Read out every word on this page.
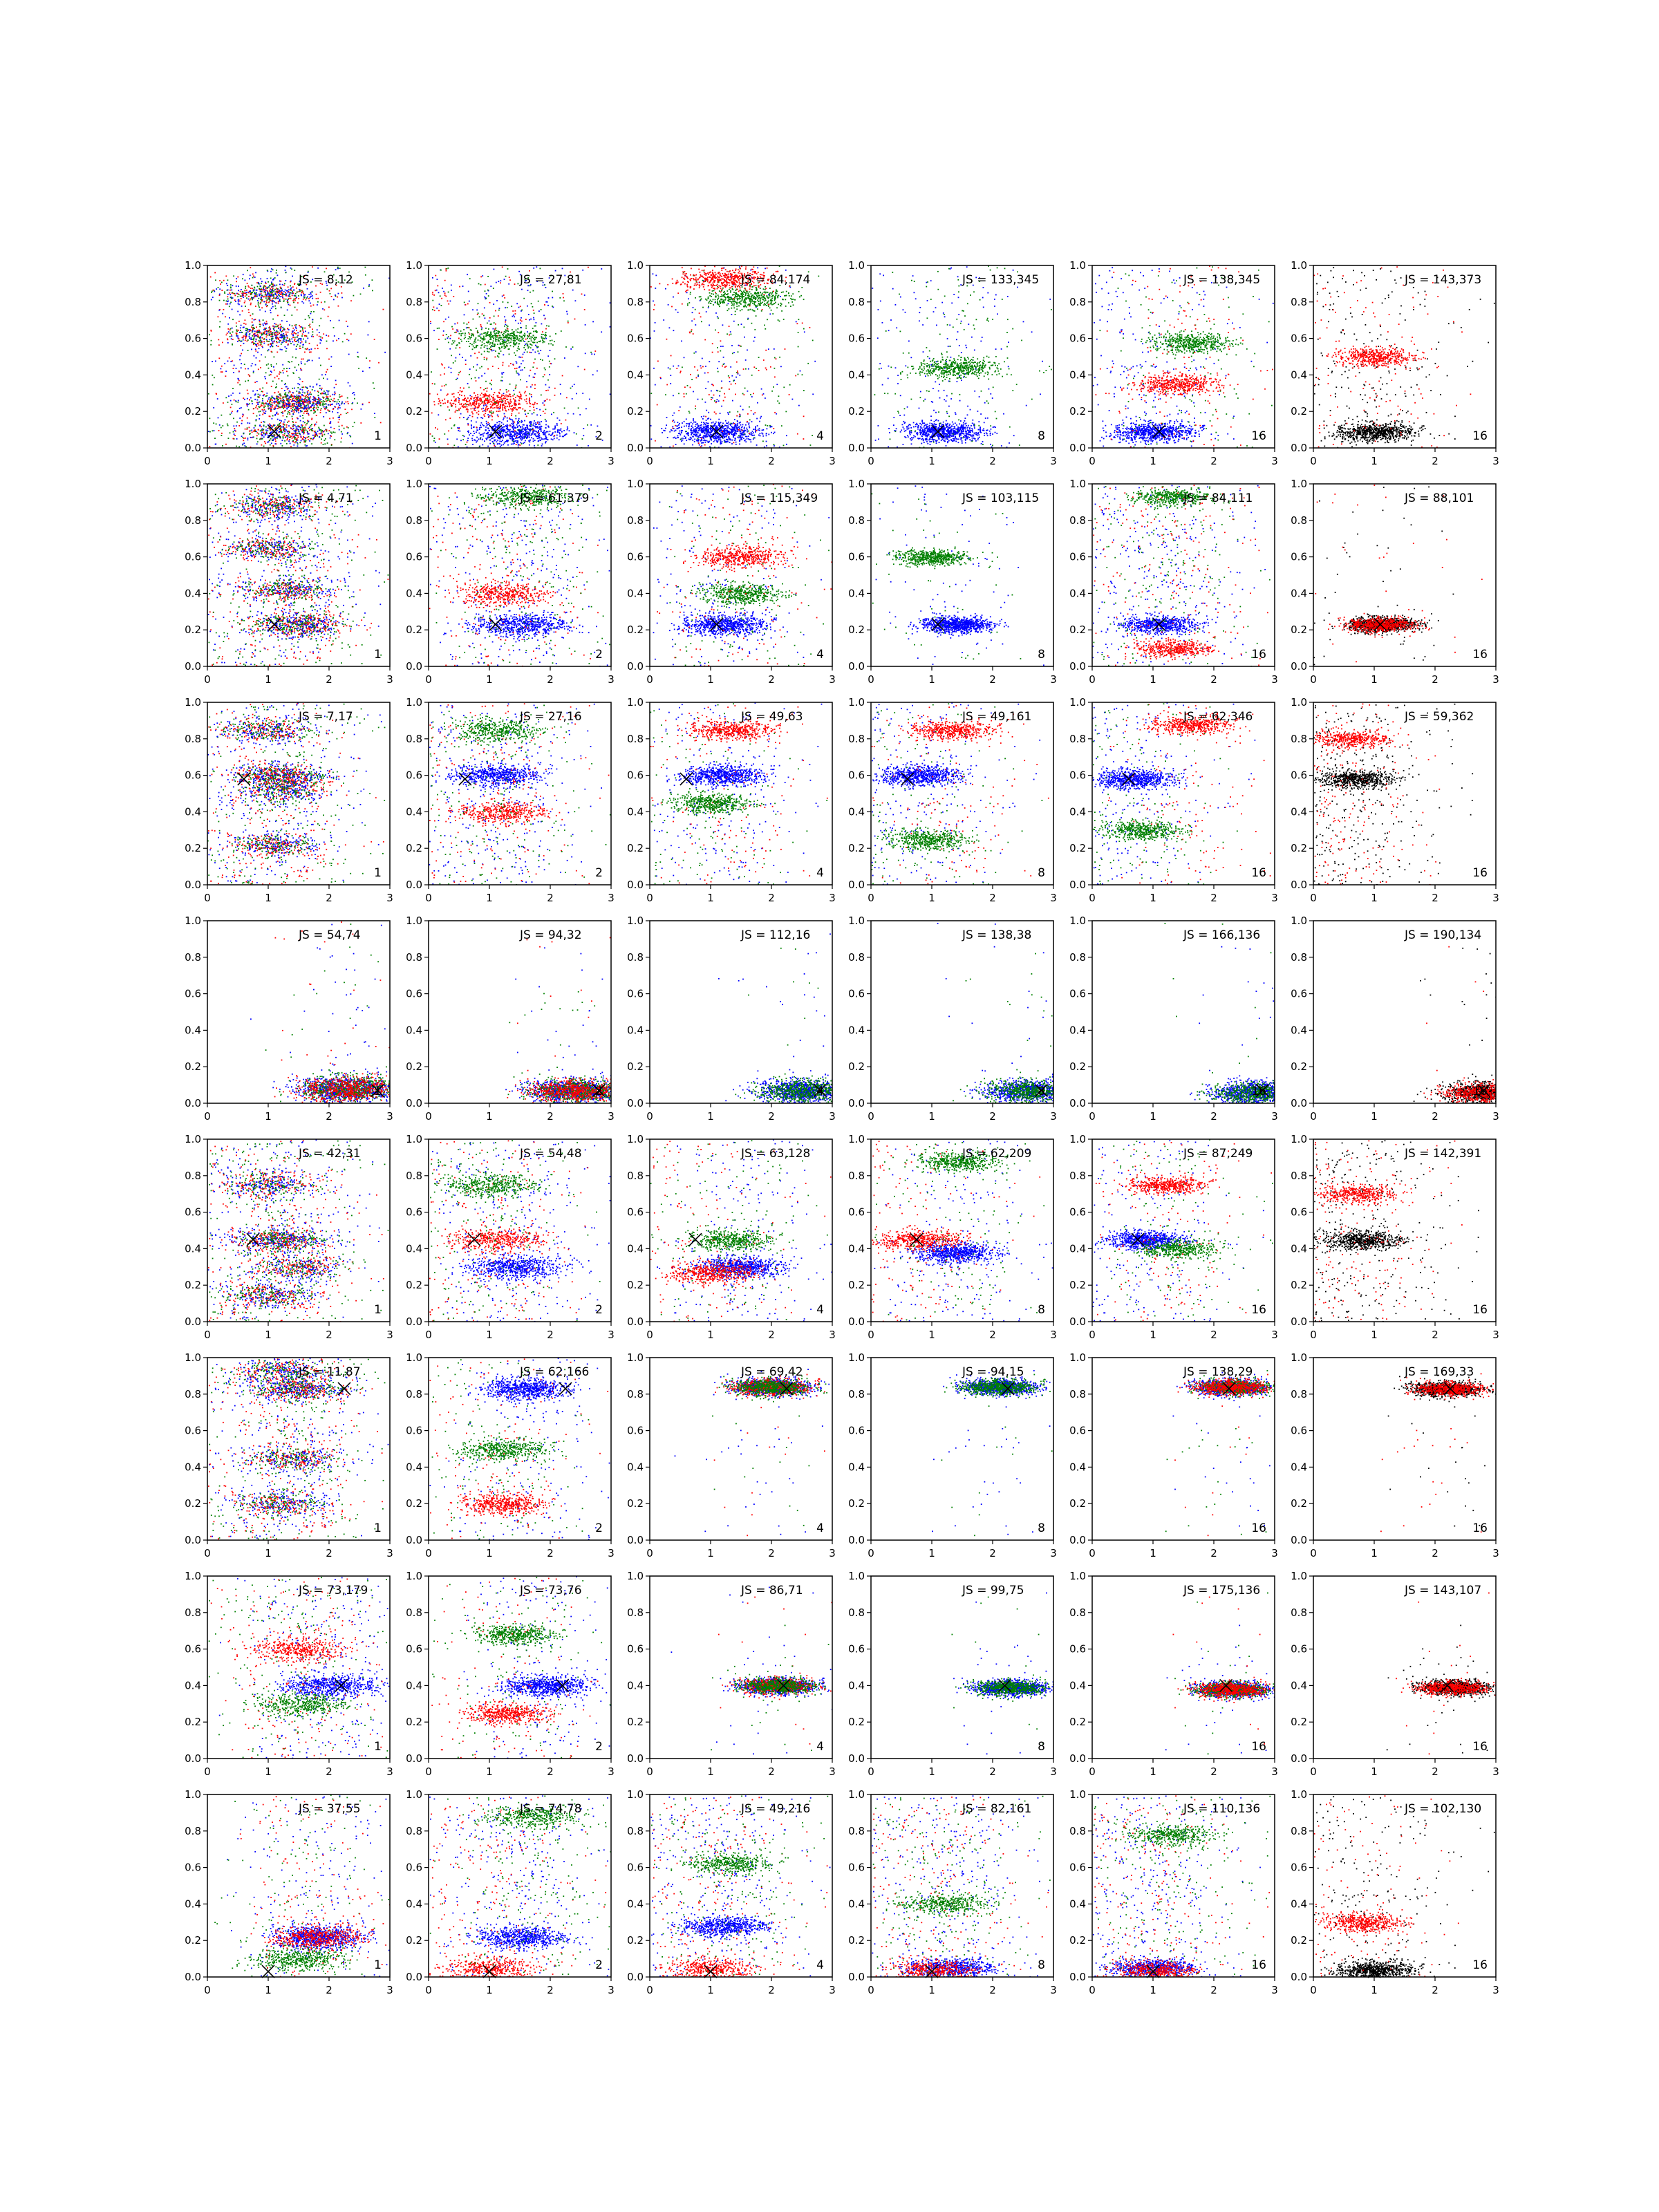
0	1	2	3
0.0
0.2
0.4
0.6
0.8
1.0
JS = 8,12
1
0	1	2	3
0.0
0.2
0.4
0.6
0.8
1.0
JS = 27,81
2
0	1	2	3
0.0
0.2
0.4
0.6
0.8
1.0
JS = 84,174
4
0	1	2	3
0.0
0.2
0.4
0.6
0.8
1.0
JS = 133,345
8
0	1	2	3
0.0
0.2
0.4
0.6
0.8
1.0
JS = 138,345
16
0	1	2	3
0.0
0.2
0.4
0.6
0.8
1.0
JS = 143,373
16
0	1	2	3
0.0
0.2
0.4
0.6
0.8
1.0
JS = 4,71
1
0	1	2	3
0.0
0.2
0.4
0.6
0.8
1.0
JS = 61,379
2
0	1	2	3
0.0
0.2
0.4
0.6
0.8
1.0
JS = 115,349
4
0	1	2	3
0.0
0.2
0.4
0.6
0.8
1.0
JS = 103,115
8
0	1	2	3
0.0
0.2
0.4
0.6
0.8
1.0
JS = 84,111
16
0	1	2	3
0.0
0.2
0.4
0.6
0.8
1.0
JS = 88,101
16
0	1	2	3
0.0
0.2
0.4
0.6
0.8
1.0
JS = 7,17
1
0	1	2	3
0.0
0.2
0.4
0.6
0.8
1.0
JS = 27,16
2
0	1	2	3
0.0
0.2
0.4
0.6
0.8
1.0
JS = 49,63
4
0	1	2	3
0.0
0.2
0.4
0.6
0.8
1.0
JS = 49,161
8
0	1	2	3
0.0
0.2
0.4
0.6
0.8
1.0
JS = 62,346
16
0	1	2	3
0.0
0.2
0.4
0.6
0.8
1.0
JS = 59,362
16
0	1	2	3
0.0
0.2
0.4
0.6
0.8
1.0
JS = 54,74
1
0	1	2	3
0.0
0.2
0.4
0.6
0.8
1.0
JS = 94,32
2
0	1	2	3
0.0
0.2
0.4
0.6
0.8
1.0
JS = 112,16
4
0	1	2	3
0.0
0.2
0.4
0.6
0.8
1.0
JS = 138,38
8
0	1	2	3
0.0
0.2
0.4
0.6
0.8
1.0
JS = 166,136
16
0	1	2	3
0.0
0.2
0.4
0.6
0.8
1.0
JS = 190,134
16
0	1	2	3
0.0
0.2
0.4
0.6
0.8
1.0
JS = 42,31
1
0	1	2	3
0.0
0.2
0.4
0.6
0.8
1.0
JS = 54,48
2
0	1	2	3
0.0
0.2
0.4
0.6
0.8
1.0
JS = 63,128
4
0	1	2	3
0.0
0.2
0.4
0.6
0.8
1.0
JS = 62,209
8
0	1	2	3
0.0
0.2
0.4
0.6
0.8
1.0
JS = 87,249
16
0	1	2	3
0.0
0.2
0.4
0.6
0.8
1.0
JS = 142,391
16
0	1	2	3
0.0
0.2
0.4
0.6
0.8
1.0
JS = 11,87
1
0	1	2	3
0.0
0.2
0.4
0.6
0.8
1.0
JS = 62,166
2
0	1	2	3
0.0
0.2
0.4
0.6
0.8
1.0
JS = 69,42
4
0	1	2	3
0.0
0.2
0.4
0.6
0.8
1.0
JS = 94,15
8
0	1	2	3
0.0
0.2
0.4
0.6
0.8
1.0
JS = 138,29
16
0	1	2	3
0.0
0.2
0.4
0.6
0.8
1.0
JS = 169,33
16
0	1	2	3
0.0
0.2
0.4
0.6
0.8
1.0
JS = 73,179
1
0	1	2	3
0.0
0.2
0.4
0.6
0.8
1.0
JS = 73,76
2
0	1	2	3
0.0
0.2
0.4
0.6
0.8
1.0
JS = 86,71
4
0	1	2	3
0.0
0.2
0.4
0.6
0.8
1.0
JS = 99,75
8
0	1	2	3
0.0
0.2
0.4
0.6
0.8
1.0
JS = 175,136
16
0	1	2	3
0.0
0.2
0.4
0.6
0.8
1.0
JS = 143,107
16
0	1	2	3
0.0
0.2
0.4
0.6
0.8
1.0
JS = 37,55
1
0	1	2	3
0.0
0.2
0.4
0.6
0.8
1.0
JS = 74,78
2
0	1	2	3
0.0
0.2
0.4
0.6
0.8
1.0
JS = 49,216
4
0	1	2	3
0.0
0.2
0.4
0.6
0.8
1.0
JS = 82,161
8
0	1	2	3
0.0
0.2
0.4
0.6
0.8
1.0
JS = 110,136
16
0	1	2	3
0.0
0.2
0.4
0.6
0.8
1.0
JS = 102,130
16
